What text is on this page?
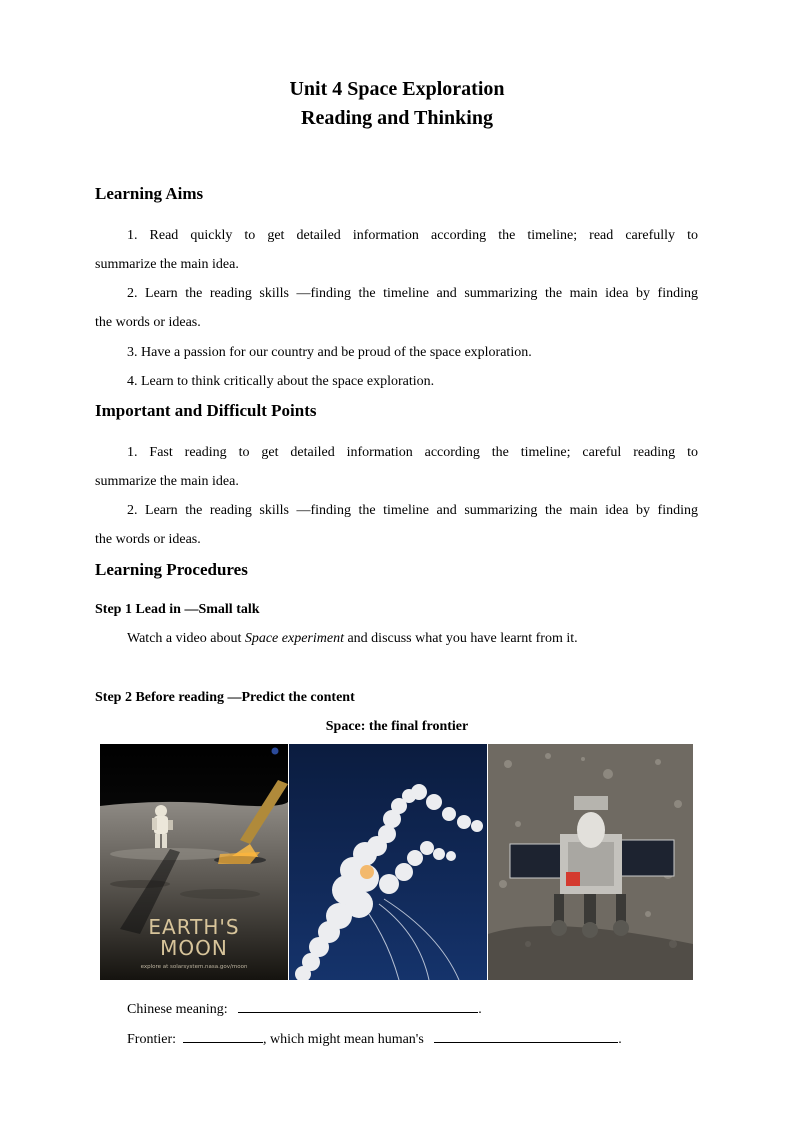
Unit 4 Space Exploration
Reading and Thinking
Learning Aims
1. Read quickly to get detailed information according the timeline; read carefully to
summarize the main idea.
2. Learn the reading skills —finding the timeline and summarizing the main idea by finding
the words or ideas.
3. Have a passion for our country and be proud of the space exploration.
4. Learn to think critically about the space exploration.
Important and Difficult Points
1. Fast reading to get detailed information according the timeline; careful reading to
summarize the main idea.
2. Learn the reading skills —finding the timeline and summarizing the main idea by finding
the words or ideas.
Learning Procedures
Step 1 Lead in —Small talk
Watch a video about Space experiment and discuss what you have learnt from it.
Step 2 Before reading —Predict the content
Space: the final frontier
EARTH'S
MOON
explore at solarsystem.nasa.gov/moon
Chinese meaning:	.
Frontier:	, which might mean human's	.
